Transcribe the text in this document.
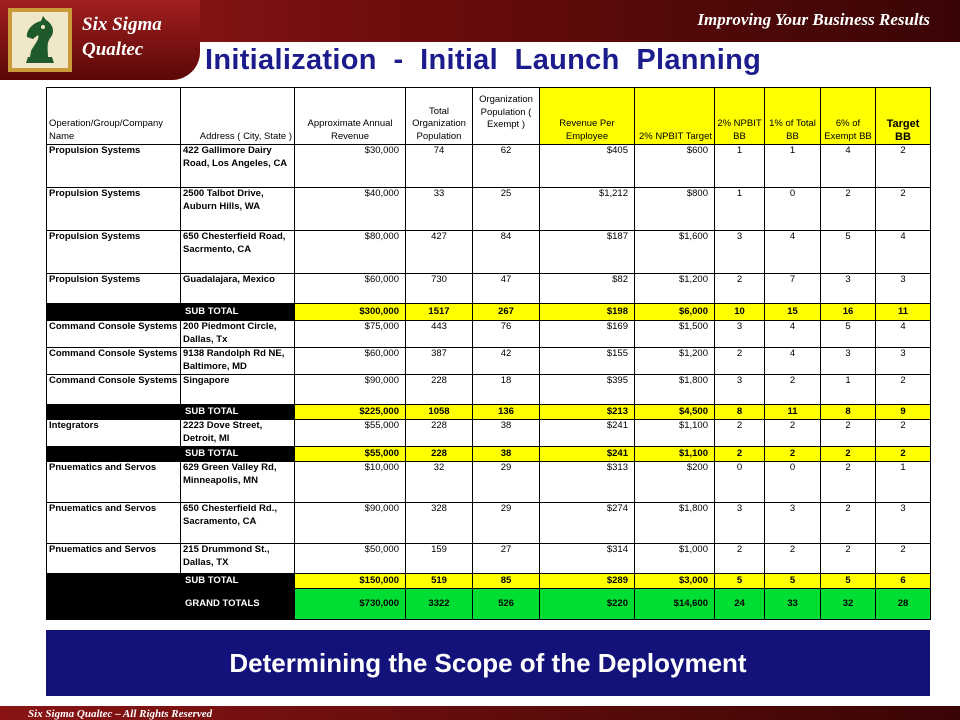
Improving Your Business Results
Six Sigma
Qualtec	Initialization  -  Initial  Launch  Planning
Operation/Group/Company Name	Address ( City, State )	Approximate Annual Revenue	Total Organization Population	Organization Population ( Exempt )	Revenue Per Employee	2% NPBIT Target	2% NPBIT BB	1% of Total BB	6% of Exempt BB	Target BB
Propulsion Systems	422 Gallimore Dairy Road, Los Angeles, CA	$30,000	74	62	$405	$600	1	1	4	2
Propulsion Systems	2500 Talbot Drive, Auburn Hills, WA	$40,000	33	25	$1,212	$800	1	0	2	2
Propulsion Systems	650 Chesterfield Road, Sacrmento, CA	$80,000	427	84	$187	$1,600	3	4	5	4
Propulsion Systems	Guadalajara, Mexico	$60,000	730	47	$82	$1,200	2	7	3	3
	SUB TOTAL	$300,000	1517	267	$198	$6,000	10	15	16	11
Command Console Systems	200 Piedmont Circle, Dallas, Tx	$75,000	443	76	$169	$1,500	3	4	5	4
Command Console Systems	9138 Randolph Rd NE, Baltimore, MD	$60,000	387	42	$155	$1,200	2	4	3	3
Command Console Systems	Singapore	$90,000	228	18	$395	$1,800	3	2	1	2
	SUB TOTAL	$225,000	1058	136	$213	$4,500	8	11	8	9
Integrators	2223 Dove Street, Detroit, MI	$55,000	228	38	$241	$1,100	2	2	2	2
	SUB TOTAL	$55,000	228	38	$241	$1,100	2	2	2	2
Pnuematics and Servos	629 Green Valley Rd, Minneapolis, MN	$10,000	32	29	$313	$200	0	0	2	1
Pnuematics and Servos	650 Chesterfield Rd., Sacramento, CA	$90,000	328	29	$274	$1,800	3	3	2	3
Pnuematics and Servos	215 Drummond St., Dallas, TX	$50,000	159	27	$314	$1,000	2	2	2	2
	SUB TOTAL	$150,000	519	85	$289	$3,000	5	5	5	6
	GRAND TOTALS	$730,000	3322	526	$220	$14,600	24	33	32	28
Determining the Scope of the Deployment
Six Sigma Qualtec – All Rights Reserved
